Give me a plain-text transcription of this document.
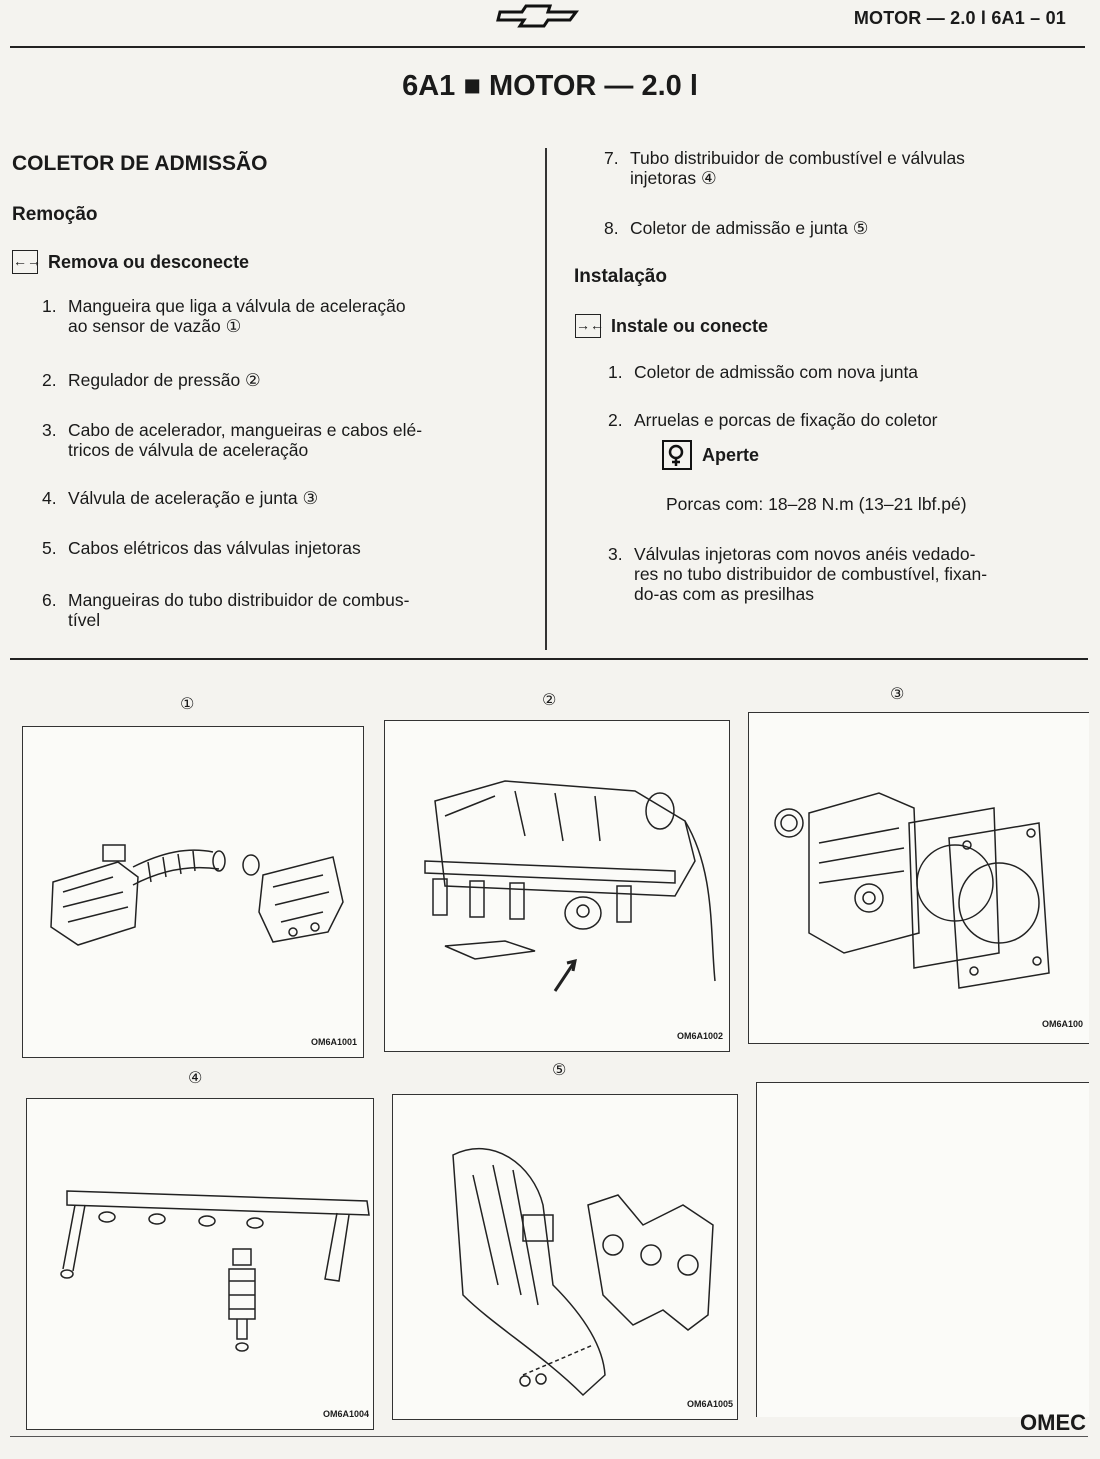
MOTOR — 2.0 l 6A1 – 01
6A1 ■ MOTOR — 2.0 l
COLETOR DE ADMISSÃO
Remoção
←→ Remova ou desconecte
1. Mangueira que liga a válvula de aceleração
ao sensor de vazão ①
2. Regulador de pressão ②
3. Cabo de acelerador, mangueiras e cabos elé-
tricos de válvula de aceleração
4. Válvula de aceleração e junta ③
5. Cabos elétricos das válvulas injetoras
6. Mangueiras do tubo distribuidor de combus-
tível
7. Tubo distribuidor de combustível e válvulas
injetoras ④
8. Coletor de admissão e junta ⑤
Instalação
→← Instale ou conecte
1. Coletor de admissão com nova junta
2. Arruelas e porcas de fixação do coletor
Aperte
Porcas com: 18–28 N.m (13–21 lbf.pé)
3. Válvulas injetoras com novos anéis vedado-
res no tubo distribuidor de combustível, fixan-
do-as com as presilhas
①	②	③
④	⑤
OM6A1001
OM6A1002
OM6A100
OM6A1004
OM6A1005
OMEC
